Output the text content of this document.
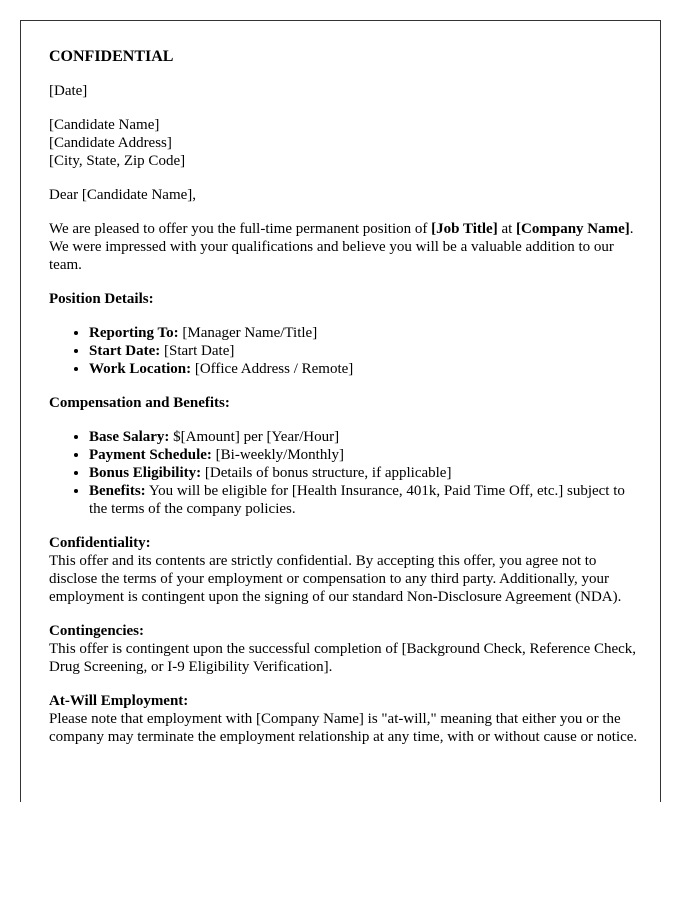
CONFIDENTIAL

[Date]

[Candidate Name]

[Candidate Address]

[City, State, Zip Code]

Dear [Candidate Name],

We are pleased to offer you the full-time permanent position of [Job Title] at [Company Name]. We were impressed with your qualifications and believe you will be a valuable addition to our team.

Position Details:

• Reporting To: [Manager Name/Title]
• Start Date: [Start Date]
• Work Location: [Office Address / Remote]

Compensation and Benefits:

• Base Salary: $[Amount] per [Year/Hour]
• Payment Schedule: [Bi-weekly/Monthly]
• Bonus Eligibility: [Details of bonus structure, if applicable]
• Benefits: You will be eligible for [Health Insurance, 401k, Paid Time Off, etc.] subject to the terms of the company policies.

Confidentiality:

This offer and its contents are strictly confidential. By accepting this offer, you agree not to disclose the terms of your employment or compensation to any third party. Additionally, your employment is contingent upon the signing of our standard Non-Disclosure Agreement (NDA).

Contingencies:

This offer is contingent upon the successful completion of [Background Check, Reference Check, Drug Screening, or I-9 Eligibility Verification].

At-Will Employment:

Please note that employment with [Company Name] is "at-will," meaning that either you or the company may terminate the employment relationship at any time, with or without cause or notice.
